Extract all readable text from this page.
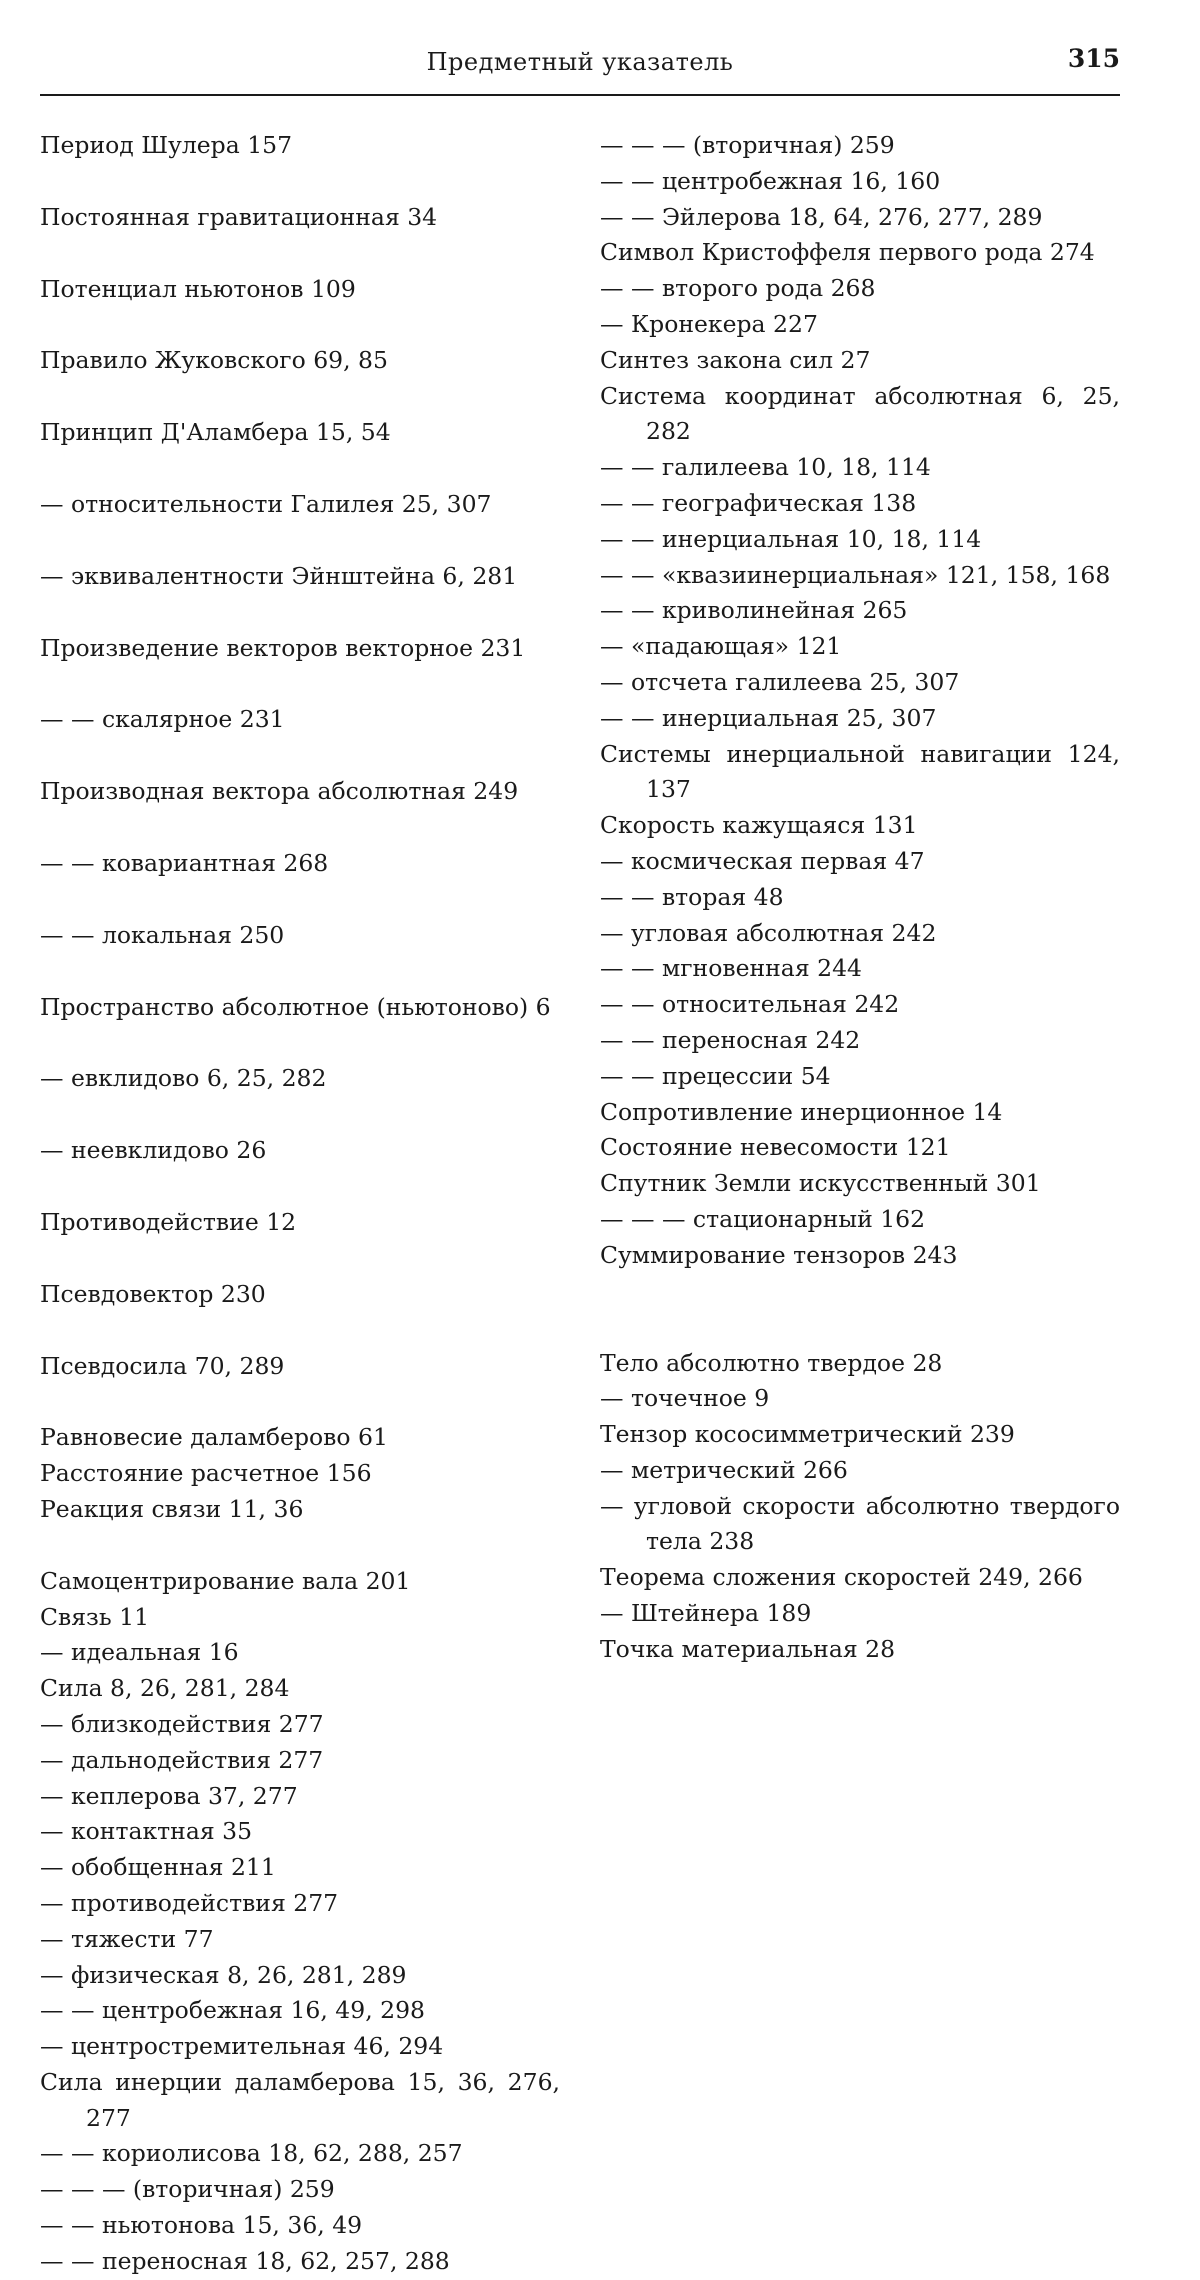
Предметный указатель	315
Период Шулера 157
Постоянная гравитационная 34
Потенциал ньютонов 109
Правило Жуковского 69, 85
Принцип Д'Аламбера 15, 54
— относительности Галилея 25, 307
— эквивалентности Эйнштейна 6, 281
Произведение векторов векторное 231
— — скалярное 231
Производная вектора абсолютная 249
— — ковариантная 268
— — локальная 250
Пространство абсолютное (ньютоново) 6
— евклидово 6, 25, 282
— неевклидово 26
Противодействие 12
Псевдовектор 230
Псевдосила 70, 289
Равновесие даламберово 61
Расстояние расчетное 156
Реакция связи 11, 36
Самоцентрирование вала 201
Связь 11
— идеальная 16
Сила 8, 26, 281, 284
— близкодействия 277
— дальнодействия 277
— кеплерова 37, 277
— контактная 35
— обобщенная 211
— противодействия 277
— тяжести 77
— физическая 8, 26, 281, 289
— — центробежная 16, 49, 298
— центростремительная 46, 294
Сила инерции даламберова 15, 36, 276, 277
— — кориолисова 18, 62, 288, 257
— — — (вторичная) 259
— — ньютонова 15, 36, 49
— — переносная 18, 62, 257, 288
— — — (вторичная) 259
— — центробежная 16, 160
— — Эйлерова 18, 64, 276, 277, 289
Символ Кристоффеля первого рода 274
— — второго рода 268
— Кронекера 227
Синтез закона сил 27
Система координат абсолютная 6, 25, 282
— — галилеева 10, 18, 114
— — географическая 138
— — инерциальная 10, 18, 114
— — «квазиинерциальная» 121, 158, 168
— — криволинейная 265
— «падающая» 121
— отсчета галилеева 25, 307
— — инерциальная 25, 307
Системы инерциальной навигации 124, 137
Скорость кажущаяся 131
— космическая первая 47
— — вторая 48
— угловая абсолютная 242
— — мгновенная 244
— — относительная 242
— — переносная 242
— — прецессии 54
Сопротивление инерционное 14
Состояние невесомости 121
Спутник Земли искусственный 301
— — — стационарный 162
Суммирование тензоров 243
Тело абсолютно твердое 28
— точечное 9
Тензор кососимметрический 239
— метрический 266
— угловой скорости абсолютно твердого тела 238
Теорема сложения скоростей 249, 266
— Штейнера 189
Точка материальная 28
